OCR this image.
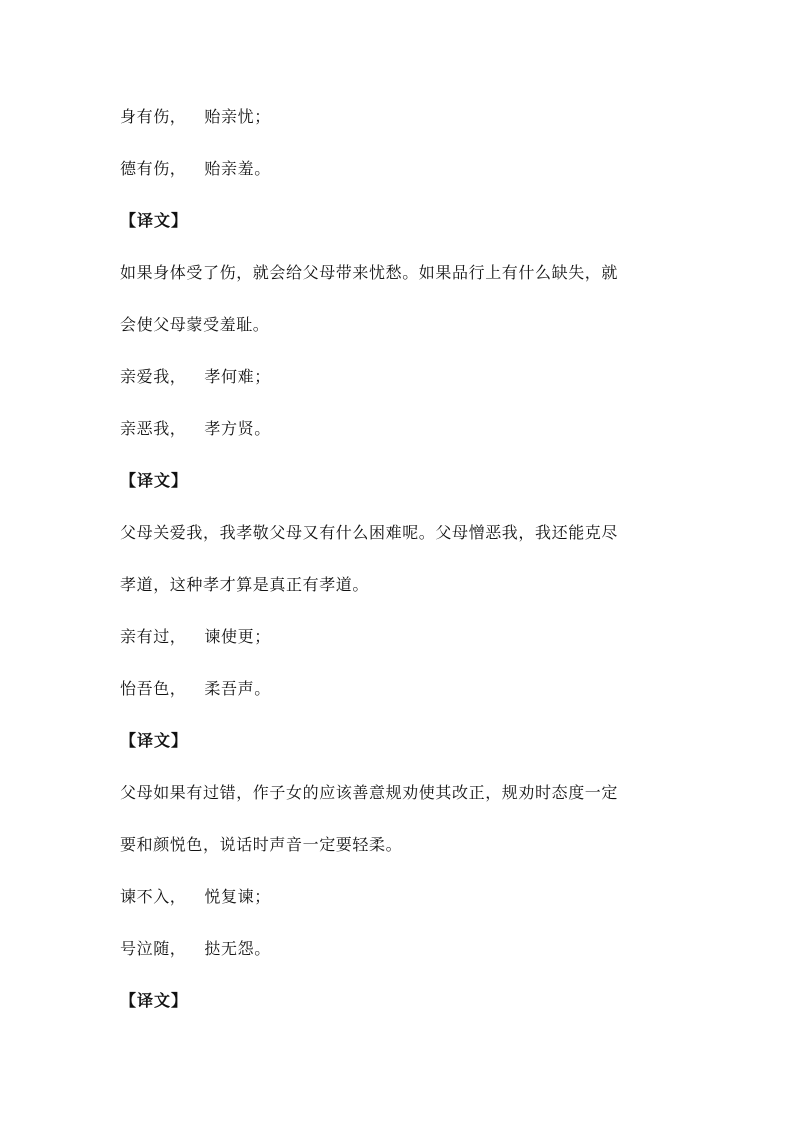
身有伤， 贻亲忧；
德有伤， 贻亲羞。
【译文】
如果身体受了伤，就会给父母带来忧愁。如果品行上有什么缺失，就
会使父母蒙受羞耻。
亲爱我， 孝何难；
亲恶我， 孝方贤。
【译文】
父母关爱我，我孝敬父母又有什么困难呢。父母憎恶我，我还能克尽
孝道，这种孝才算是真正有孝道。
亲有过， 谏使更；
怡吾色， 柔吾声。
【译文】
父母如果有过错，作子女的应该善意规劝使其改正，规劝时态度一定
要和颜悦色，说话时声音一定要轻柔。
谏不入， 悦复谏；
号泣随， 挞无怨。
【译文】
